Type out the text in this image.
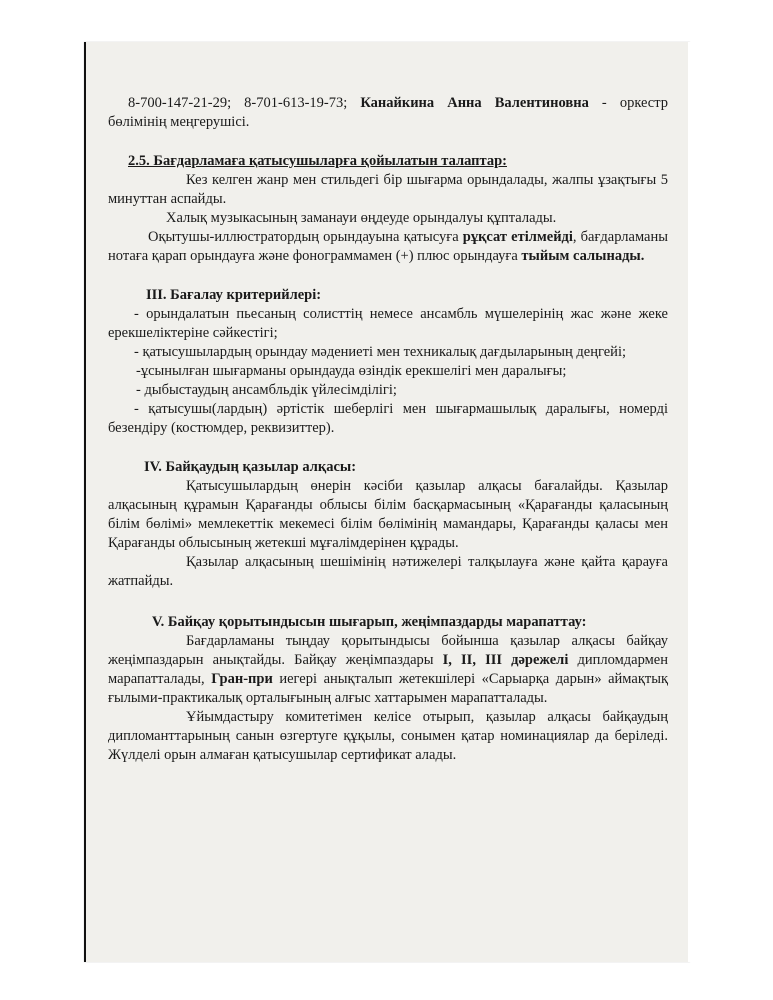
8-700-147-21-29; 8-701-613-19-73; Канайкина Анна Валентиновна - оркестр бөлімінің меңгерушісі.

2.5. Бағдарламаға қатысушыларға қойылатын талаптар:

Кез келген жанр мен стильдегі бір шығарма орындалады, жалпы ұзақтығы 5 минуттан аспайды.

Халық музыкасының заманауи өңдеуде орындалуы құпталады.

Оқытушы-иллюстратордың орындауына қатысуға рұқсат етілмейді, бағдарламаны нотаға қарап орындауға және фонограммамен (+) плюс орындауға тыйым салынады.

III. Бағалау критерийлері:

- орындалатын пьесаның солисттің немесе ансамбль мүшелерінің жас және жеке ерекшеліктеріне сәйкестігі;

- қатысушылардың орындау мәдениеті мен техникалық дағдыларының деңгейі;

-ұсынылған шығарманы орындауда өзіндік ерекшелігі мен даралығы;

- дыбыстаудың ансамбльдік үйлесімділігі;

- қатысушы(лардың) әртістік шеберлігі мен шығармашылық даралығы, номерді безендіру (костюмдер, реквизиттер).

IV. Байқаудың қазылар алқасы:

Қатысушылардың өнерін кәсіби қазылар алқасы бағалайды. Қазылар алқасының құрамын Қарағанды облысы білім басқармасының «Қарағанды қаласының білім бөлімі» мемлекеттік мекемесі білім бөлімінің мамандары, Қарағанды қаласы мен Қарағанды облысының жетекші мұғалімдерінен құрады.

Қазылар алқасының шешімінің нәтижелері талқылауға және қайта қарауға жатпайды.

V. Байқау қорытындысын шығарып, жеңімпаздарды марапаттау:

Бағдарламаны тыңдау қорытындысы бойынша қазылар алқасы байқау жеңімпаздарын анықтайды. Байқау жеңімпаздары I, II, III дәрежелі дипломдармен марапатталады, Гран-при иегері анықталып жетекшілері «Сарыарқа дарын» аймақтық ғылыми-практикалық орталығының алғыс хаттарымен марапатталады.

Ұйымдастыру комитетімен келісе отырып, қазылар алқасы байқаудың дипломанттарының санын өзгертуге құқылы, сонымен қатар номинациялар да беріледі. Жүлделі орын алмаған қатысушылар сертификат алады.
